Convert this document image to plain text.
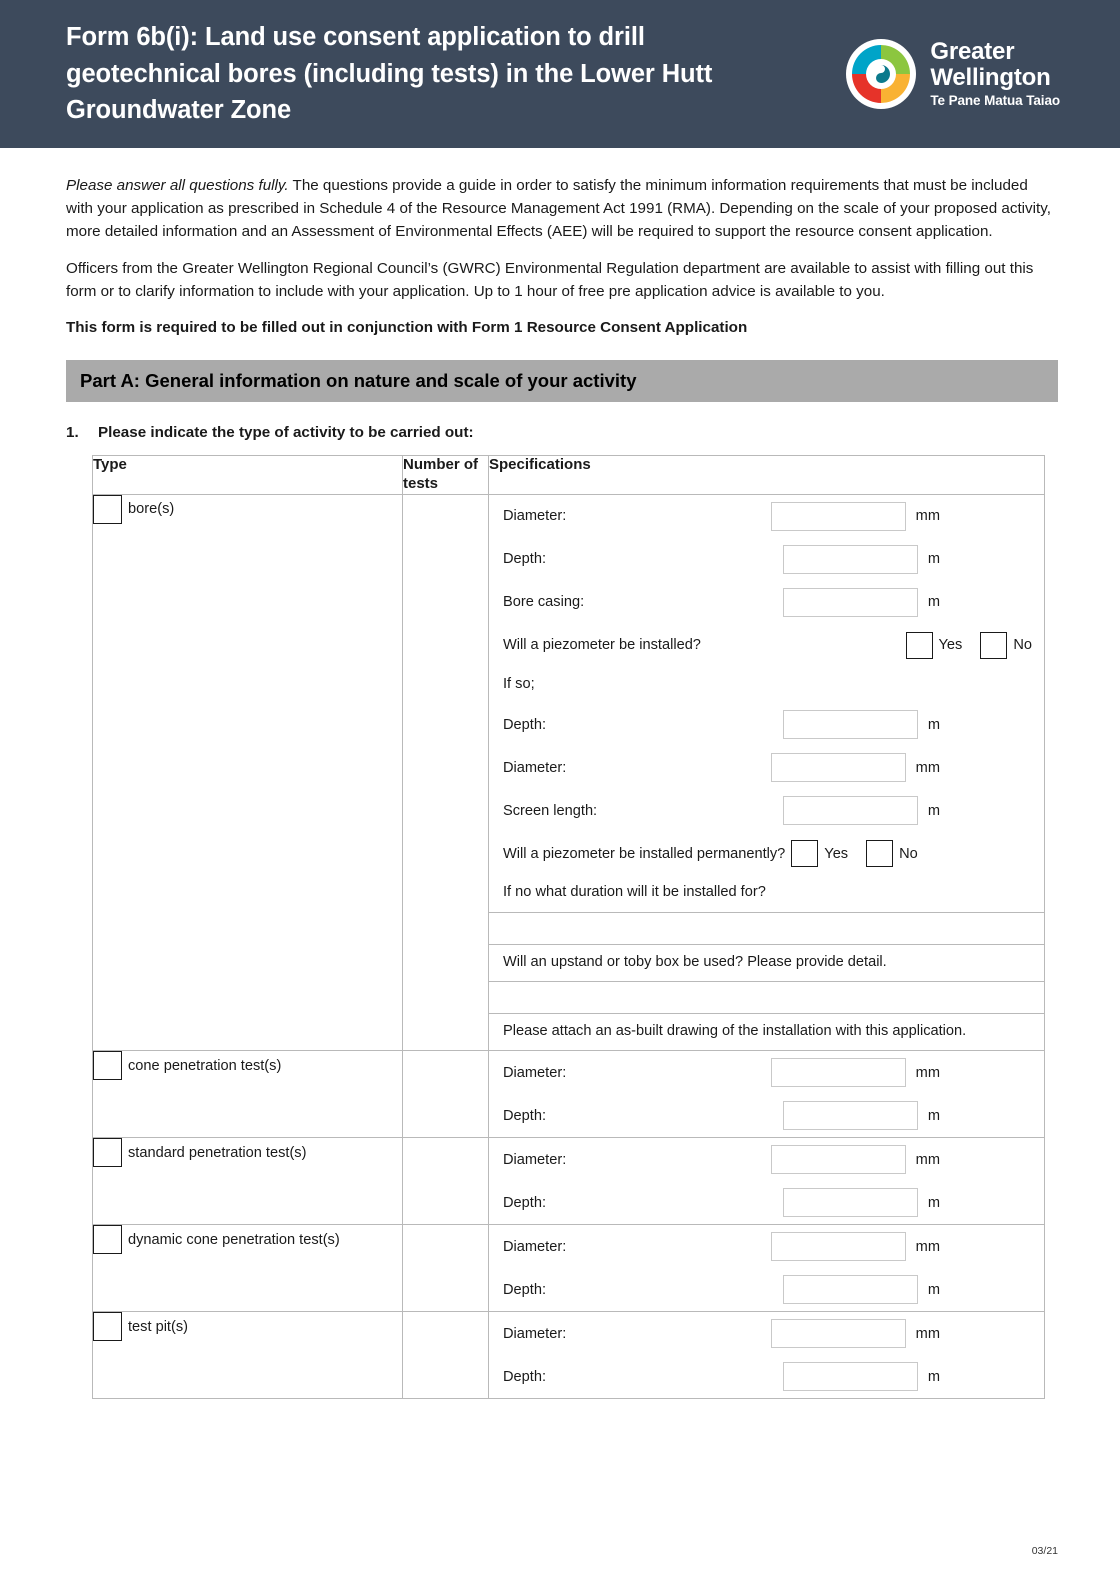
Form 6b(i): Land use consent application to drill geotechnical bores (including tests) in the Lower Hutt Groundwater Zone
Greater
Wellington
Te Pane Matua Taiao

Please answer all questions fully. The questions provide a guide in order to satisfy the minimum information requirements that must be included with your application as prescribed in Schedule 4 of the Resource Management Act 1991 (RMA). Depending on the scale of your proposed activity, more detailed information and an Assessment of Environmental Effects (AEE) will be required to support the resource consent application.

Officers from the Greater Wellington Regional Council’s (GWRC) Environmental Regulation department are available to assist with filling out this form or to clarify information to include with your application. Up to 1 hour of free pre application advice is available to you.

This form is required to be filled out in conjunction with Form 1 Resource Consent Application

Part A: General information on nature and scale of your activity
1.	Please indicate the type of activity to be carried out:
Type	Number of tests	Specifications

bore(s)		Diameter:	mm
Depth:	m
Bore casing:	m
Will a piezometer be installed?	Yes	No
If so;
Depth:	m
Diameter:	mm
Screen length:	m
Will a piezometer be installed permanently?	Yes	No
If no what duration will it be installed for?
Will an upstand or toby box be used? Please provide detail.
Please attach an as-built drawing of the installation with this application.

cone penetration test(s)		Diameter: mm
Depth: m

standard penetration test(s)		Diameter: mm
Depth: m

dynamic cone penetration test(s)		Diameter: mm
Depth: m

test pit(s)		Diameter: mm
Depth: m
03/21
